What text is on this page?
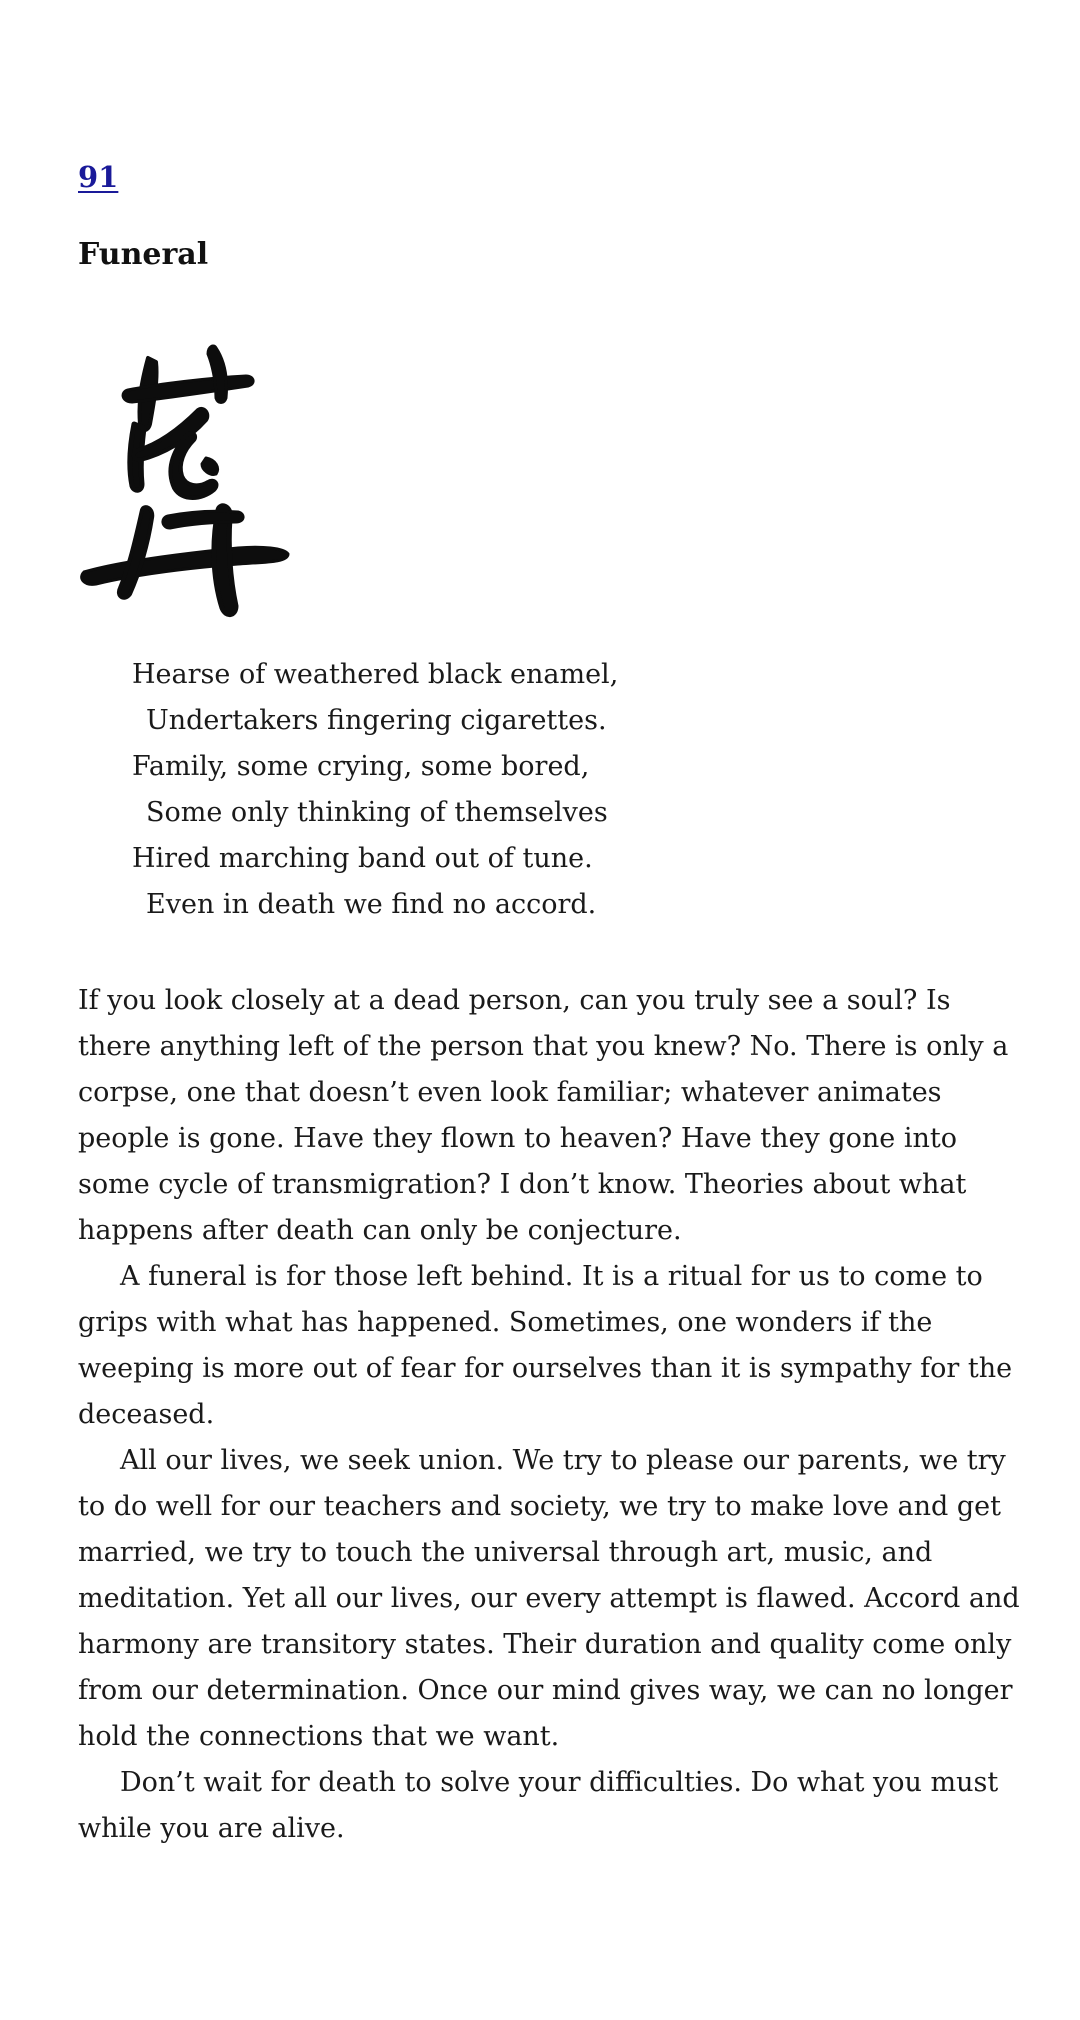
91
Funeral
Hearse of weathered black enamel,
Undertakers fingering cigarettes.
Family, some crying, some bored,
Some only thinking of themselves
Hired marching band out of tune.
Even in death we find no accord.

If you look closely at a dead person, can you truly see a soul? Is there anything left of the person that you knew? No. There is only a corpse, one that doesn’t even look familiar; whatever animates people is gone. Have they flown to heaven? Have they gone into some cycle of transmigration? I don’t know. Theories about what happens after death can only be conjecture.

A funeral is for those left behind. It is a ritual for us to come to grips with what has happened. Sometimes, one wonders if the weeping is more out of fear for ourselves than it is sympathy for the deceased.

All our lives, we seek union. We try to please our parents, we try to do well for our teachers and society, we try to make love and get married, we try to touch the universal through art, music, and meditation. Yet all our lives, our every attempt is flawed. Accord and harmony are transitory states. Their duration and quality come only from our determination. Once our mind gives way, we can no longer hold the connections that we want.

Don’t wait for death to solve your difficulties. Do what you must while you are alive.
